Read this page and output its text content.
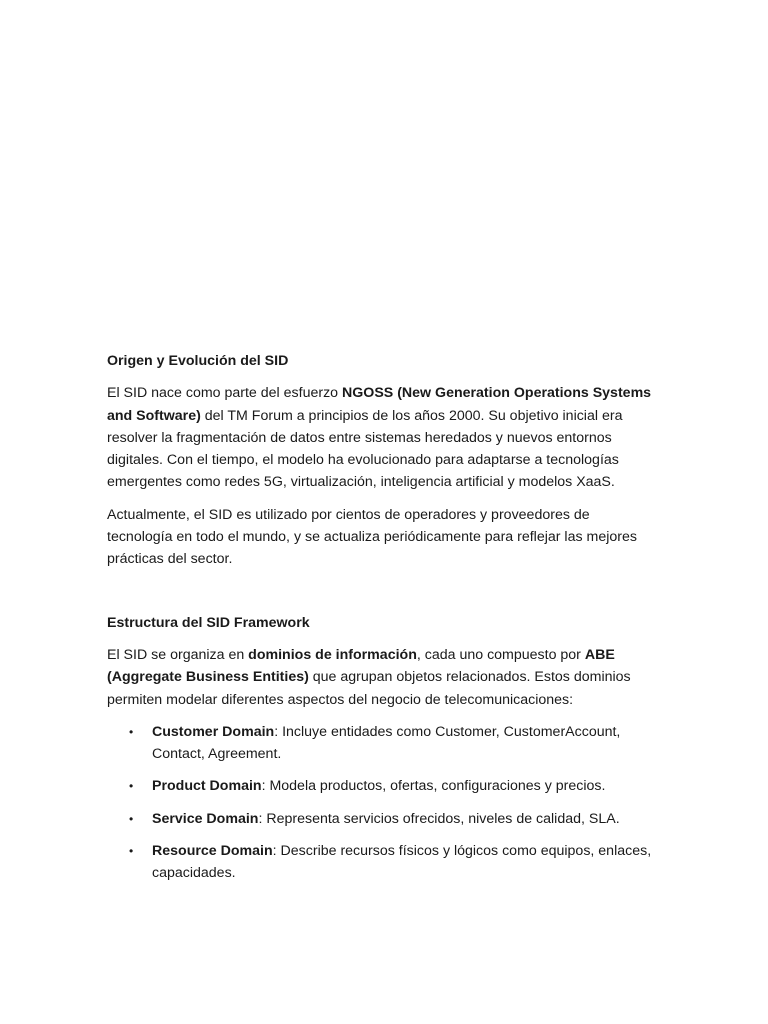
Origen y Evolución del SID

El SID nace como parte del esfuerzo NGOSS (New Generation Operations Systems and Software) del TM Forum a principios de los años 2000. Su objetivo inicial era resolver la fragmentación de datos entre sistemas heredados y nuevos entornos digitales. Con el tiempo, el modelo ha evolucionado para adaptarse a tecnologías emergentes como redes 5G, virtualización, inteligencia artificial y modelos XaaS.

Actualmente, el SID es utilizado por cientos de operadores y proveedores de tecnología en todo el mundo, y se actualiza periódicamente para reflejar las mejores prácticas del sector.

Estructura del SID Framework

El SID se organiza en dominios de información, cada uno compuesto por ABE (Aggregate Business Entities) que agrupan objetos relacionados. Estos dominios permiten modelar diferentes aspectos del negocio de telecomunicaciones:

• Customer Domain: Incluye entidades como Customer, CustomerAccount, Contact, Agreement.
• Product Domain: Modela productos, ofertas, configuraciones y precios.
• Service Domain: Representa servicios ofrecidos, niveles de calidad, SLA.
• Resource Domain: Describe recursos físicos y lógicos como equipos, enlaces, capacidades.
